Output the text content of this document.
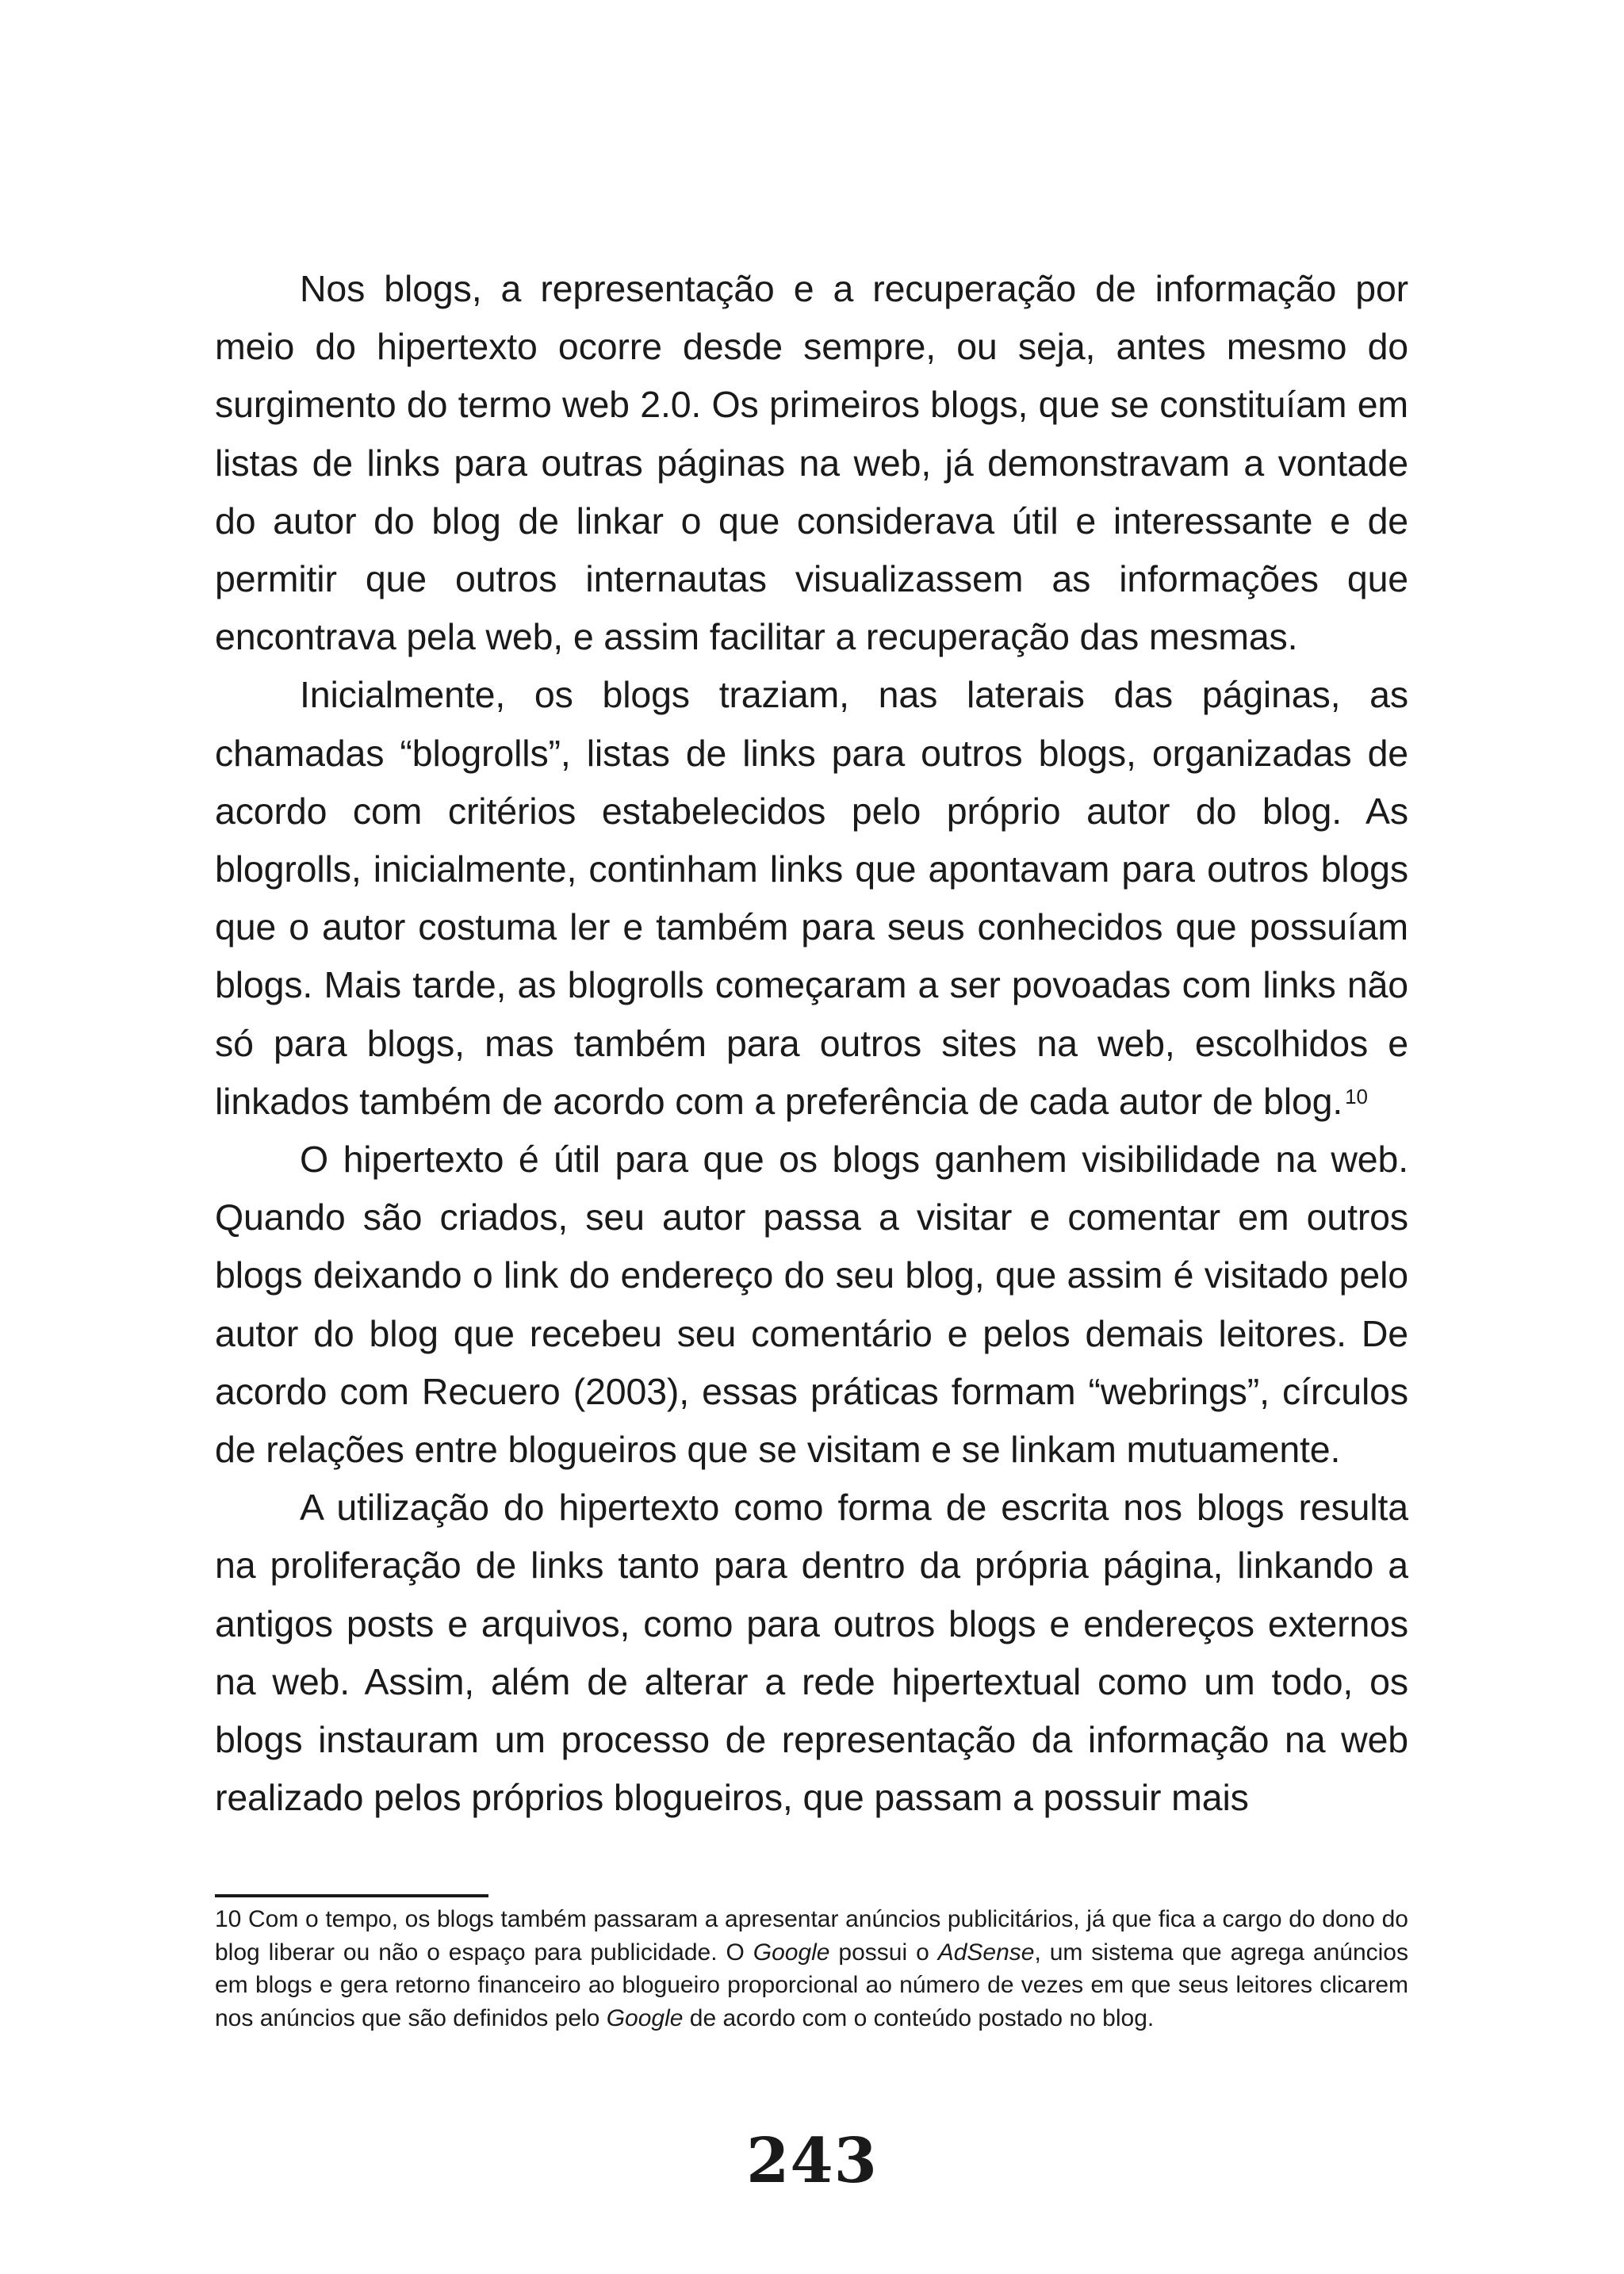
Nos blogs, a representação e a recuperação de informação por meio do hipertexto ocorre desde sempre, ou seja, antes mesmo do surgimento do termo web 2.0. Os primeiros blogs, que se constituíam em listas de links para outras páginas na web, já demonstravam a vontade do autor do blog de linkar o que considerava útil e interessante e de permitir que outros internautas visualizassem as informações que encontrava pela web, e assim facilitar a recuperação das mesmas.

Inicialmente, os blogs traziam, nas laterais das páginas, as chamadas “blogrolls”, listas de links para outros blogs, organizadas de acordo com critérios estabelecidos pelo próprio autor do blog. As blogrolls, inicialmente, continham links que apontavam para outros blogs que o autor costuma ler e também para seus conhecidos que possuíam blogs. Mais tarde, as blogrolls começaram a ser povoadas com links não só para blogs, mas também para outros sites na web, escolhidos e linkados também de acordo com a preferência de cada autor de blog. $^{10}$

O hipertexto é útil para que os blogs ganhem visibilidade na web. Quando são criados, seu autor passa a visitar e comentar em outros blogs deixando o link do endereço do seu blog, que assim é visitado pelo autor do blog que recebeu seu comentário e pelos demais leitores. De acordo com Recuero (2003), essas práticas formam “webrings”, círculos de relações entre blogueiros que se visitam e se linkam mutuamente.

A utilização do hipertexto como forma de escrita nos blogs resulta na proliferação de links tanto para dentro da própria página, linkando a antigos posts e arquivos, como para outros blogs e endereços externos na web. Assim, além de alterar a rede hipertextual como um todo, os blogs instauram um processo de representação da informação na web realizado pelos próprios blogueiros, que passam a possuir mais

10 Com o tempo, os blogs também passaram a apresentar anúncios publicitários, já que fica a cargo do dono do blog liberar ou não o espaço para publicidade. O Google possui o AdSense, um sistema que agrega anúncios em blogs e gera retorno financeiro ao blogueiro proporcional ao número de vezes em que seus leitores clicarem nos anúncios que são definidos pelo Google de acordo com o conteúdo postado no blog.

243
